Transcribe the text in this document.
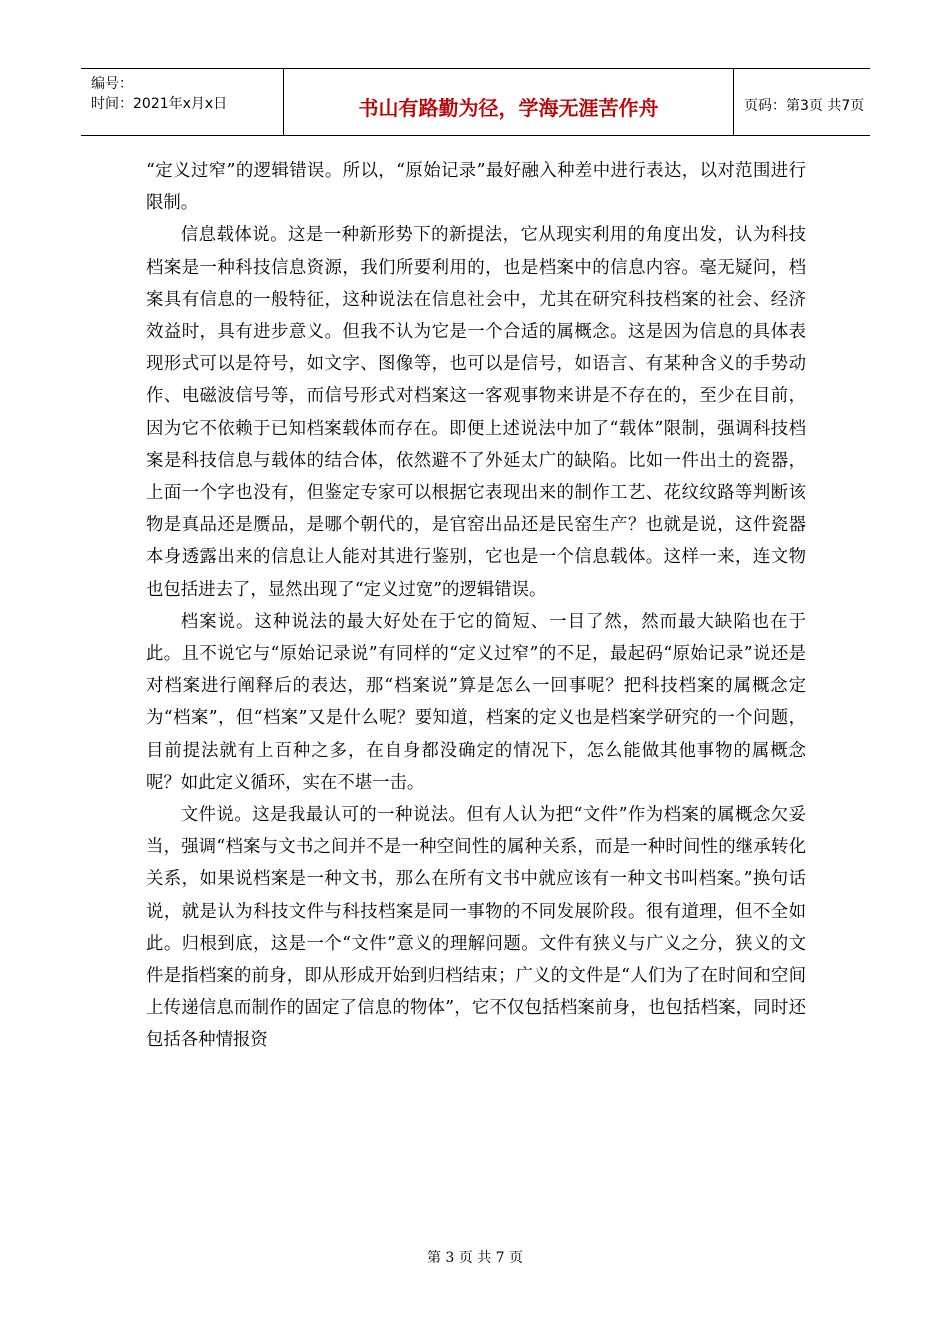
编号：
时间：2021年x月x日	书山有路勤为径，学海无涯苦作舟	页码：第3页 共7页

“定义过窄”的逻辑错误。所以，“原始记录”最好融入种差中进行表达，以对范围进行限制。

信息载体说。这是一种新形势下的新提法，它从现实利用的角度出发，认为科技档案是一种科技信息资源，我们所要利用的，也是档案中的信息内容。毫无疑问，档案具有信息的一般特征，这种说法在信息社会中，尤其在研究科技档案的社会、经济效益时，具有进步意义。但我不认为它是一个合适的属概念。这是因为信息的具体表现形式可以是符号，如文字、图像等，也可以是信号，如语言、有某种含义的手势动作、电磁波信号等，而信号形式对档案这一客观事物来讲是不存在的，至少在目前，因为它不依赖于已知档案载体而存在。即便上述说法中加了“载体”限制，强调科技档案是科技信息与载体的结合体，依然避不了外延太广的缺陷。比如一件出土的瓷器，上面一个字也没有，但鉴定专家可以根据它表现出来的制作工艺、花纹纹路等判断该物是真品还是赝品，是哪个朝代的，是官窑出品还是民窑生产？也就是说，这件瓷器本身透露出来的信息让人能对其进行鉴别，它也是一个信息载体。这样一来，连文物也包括进去了，显然出现了“定义过宽”的逻辑错误。

档案说。这种说法的最大好处在于它的简短、一目了然，然而最大缺陷也在于此。且不说它与“原始记录说”有同样的“定义过窄”的不足，最起码“原始记录”说还是对档案进行阐释后的表达，那“档案说”算是怎么一回事呢？把科技档案的属概念定为“档案”，但“档案”又是什么呢？要知道，档案的定义也是档案学研究的一个问题，目前提法就有上百种之多，在自身都没确定的情况下，怎么能做其他事物的属概念呢？如此定义循环，实在不堪一击。

文件说。这是我最认可的一种说法。但有人认为把“文件”作为档案的属概念欠妥当，强调“档案与文书之间并不是一种空间性的属种关系，而是一种时间性的继承转化关系，如果说档案是一种文书，那么在所有文书中就应该有一种文书叫档案。”换句话说，就是认为科技文件与科技档案是同一事物的不同发展阶段。很有道理，但不全如此。归根到底，这是一个“文件”意义的理解问题。文件有狭义与广义之分，狭义的文件是指档案的前身，即从形成开始到归档结束；广义的文件是“人们为了在时间和空间上传递信息而制作的固定了信息的物体”，它不仅包括档案前身，也包括档案，同时还包括各种情报资

第 3 页 共 7 页
